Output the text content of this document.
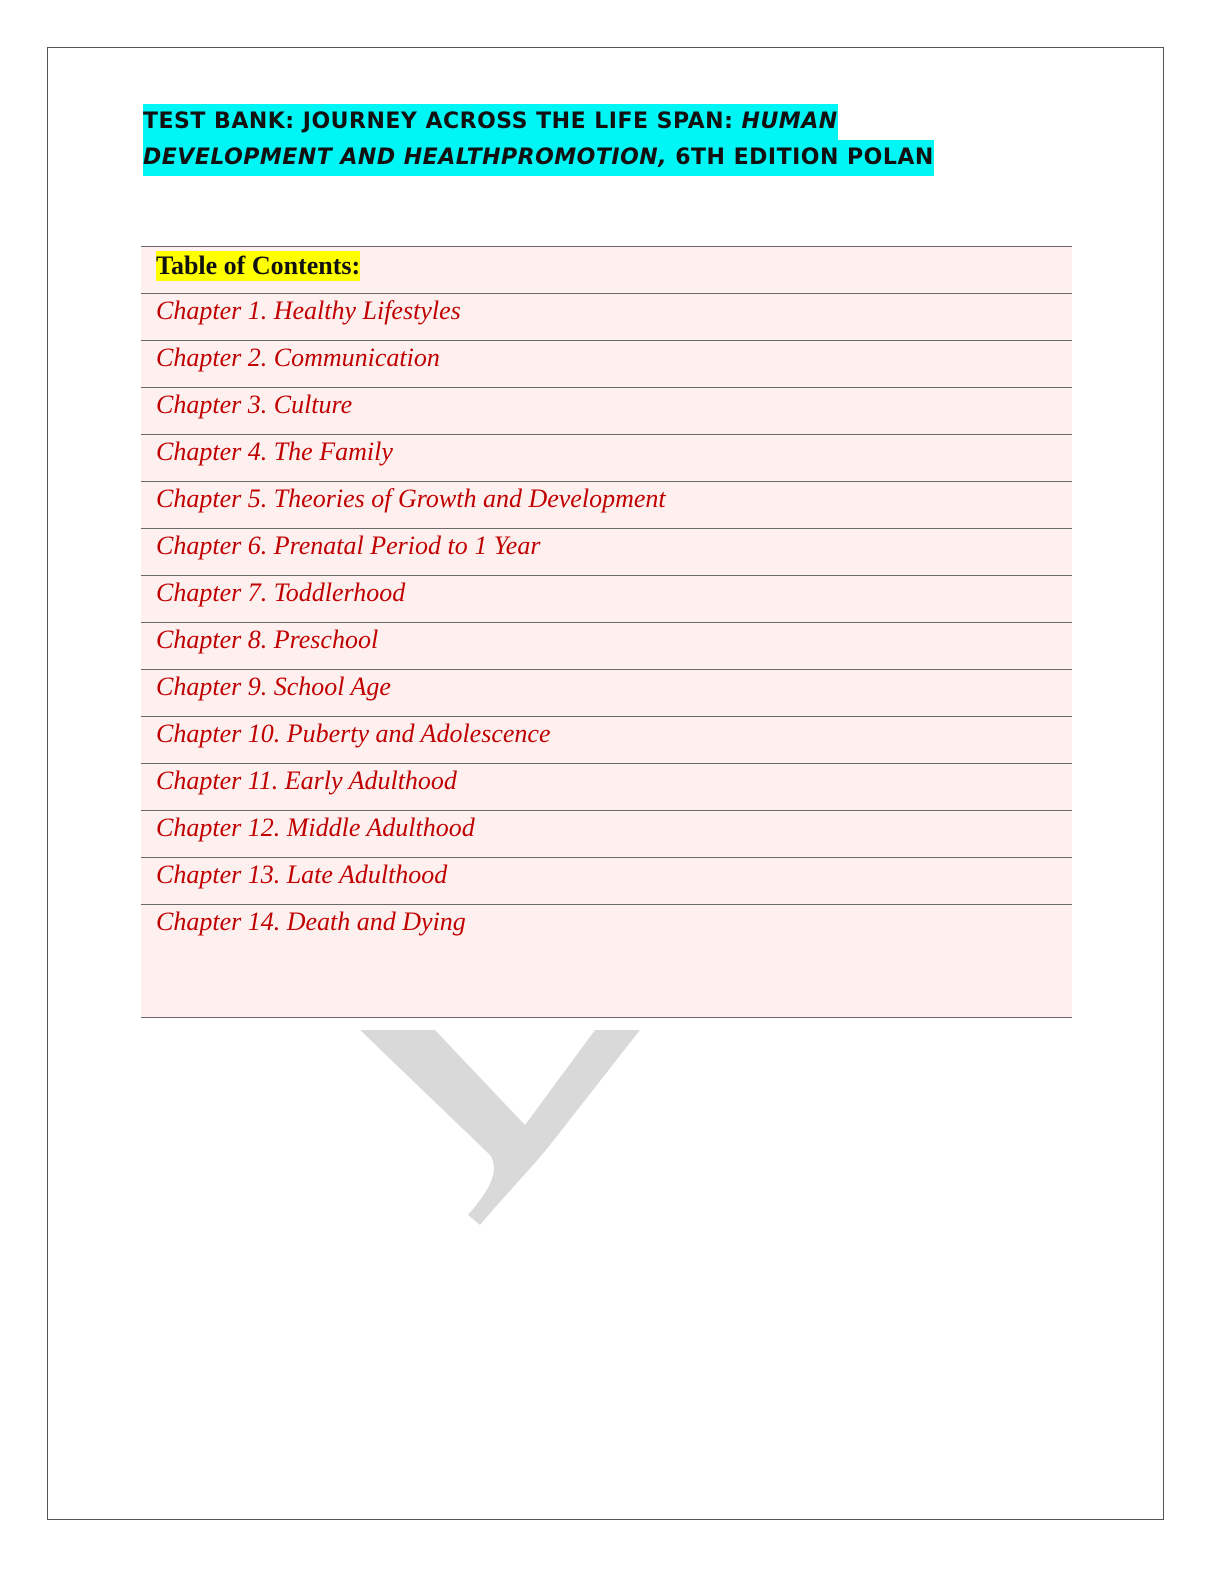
TEST BANK: JOURNEY ACROSS THE LIFE SPAN: HUMAN
DEVELOPMENT AND HEALTHPROMOTION, 6TH EDITION POLAN
Table of Contents:
Chapter 1. Healthy Lifestyles
Chapter 2. Communication
Chapter 3. Culture
Chapter 4. The Family
Chapter 5. Theories of Growth and Development
Chapter 6. Prenatal Period to 1 Year
Chapter 7. Toddlerhood
Chapter 8. Preschool
Chapter 9. School Age
Chapter 10. Puberty and Adolescence
Chapter 11. Early Adulthood
Chapter 12. Middle Adulthood
Chapter 13. Late Adulthood
Chapter 14. Death and Dying
